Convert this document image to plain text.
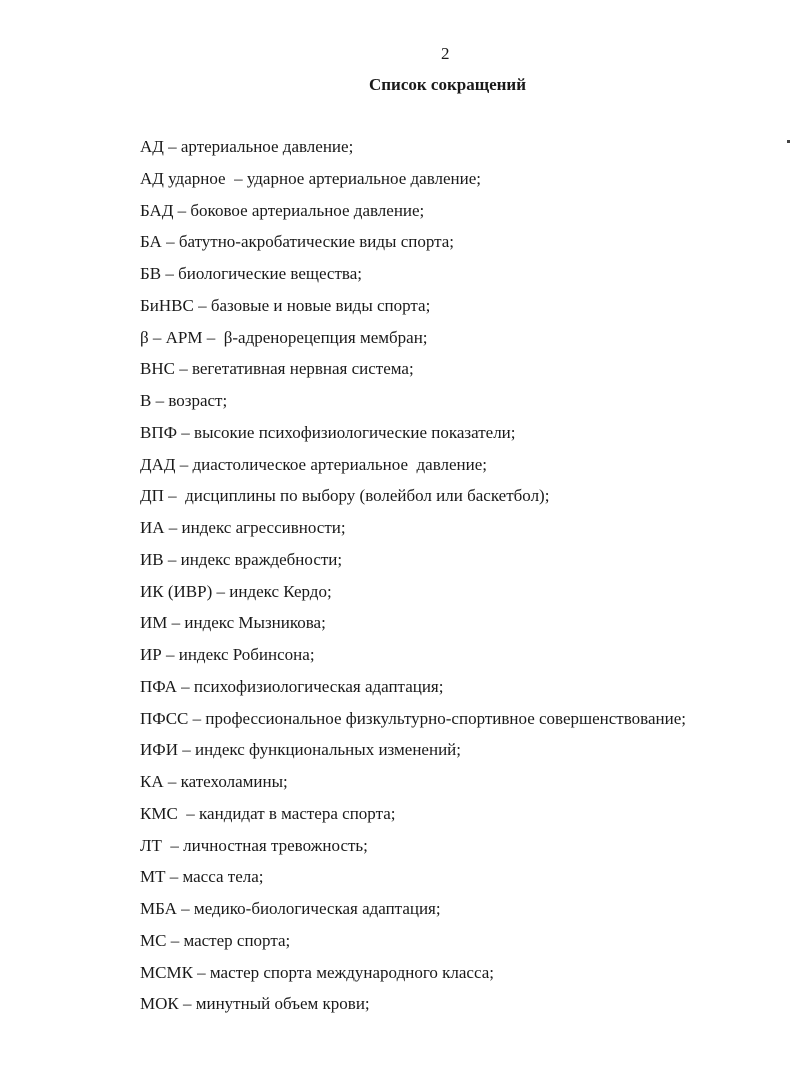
2
Список сокращений
АД – артериальное давление;
АД ударное  – ударное артериальное давление;
БАД – боковое артериальное давление;
БА – батутно-акробатические виды спорта;
БВ – биологические вещества;
БиНВС – базовые и новые виды спорта;
β – АРМ –  β-адренорецепция мембран;
ВНС – вегетативная нервная система;
В – возраст;
ВПФ – высокие психофизиологические показатели;
ДАД – диастолическое артериальное  давление;
ДП –  дисциплины по выбору (волейбол или баскетбол);
ИА – индекс агрессивности;
ИВ – индекс враждебности;
ИК (ИВР) – индекс Кердо;
ИМ – индекс Мызникова;
ИР – индекс Робинсона;
ПФА – психофизиологическая адаптация;
ПФСС – профессиональное физкультурно-спортивное совершенствование;
ИФИ – индекс функциональных изменений;
КА – катехоламины;
КМС  – кандидат в мастера спорта;
ЛТ  – личностная тревожность;
МТ – масса тела;
МБА – медико-биологическая адаптация;
МС – мастер спорта;
МСМК – мастер спорта международного класса;
МОК – минутный объем крови;
